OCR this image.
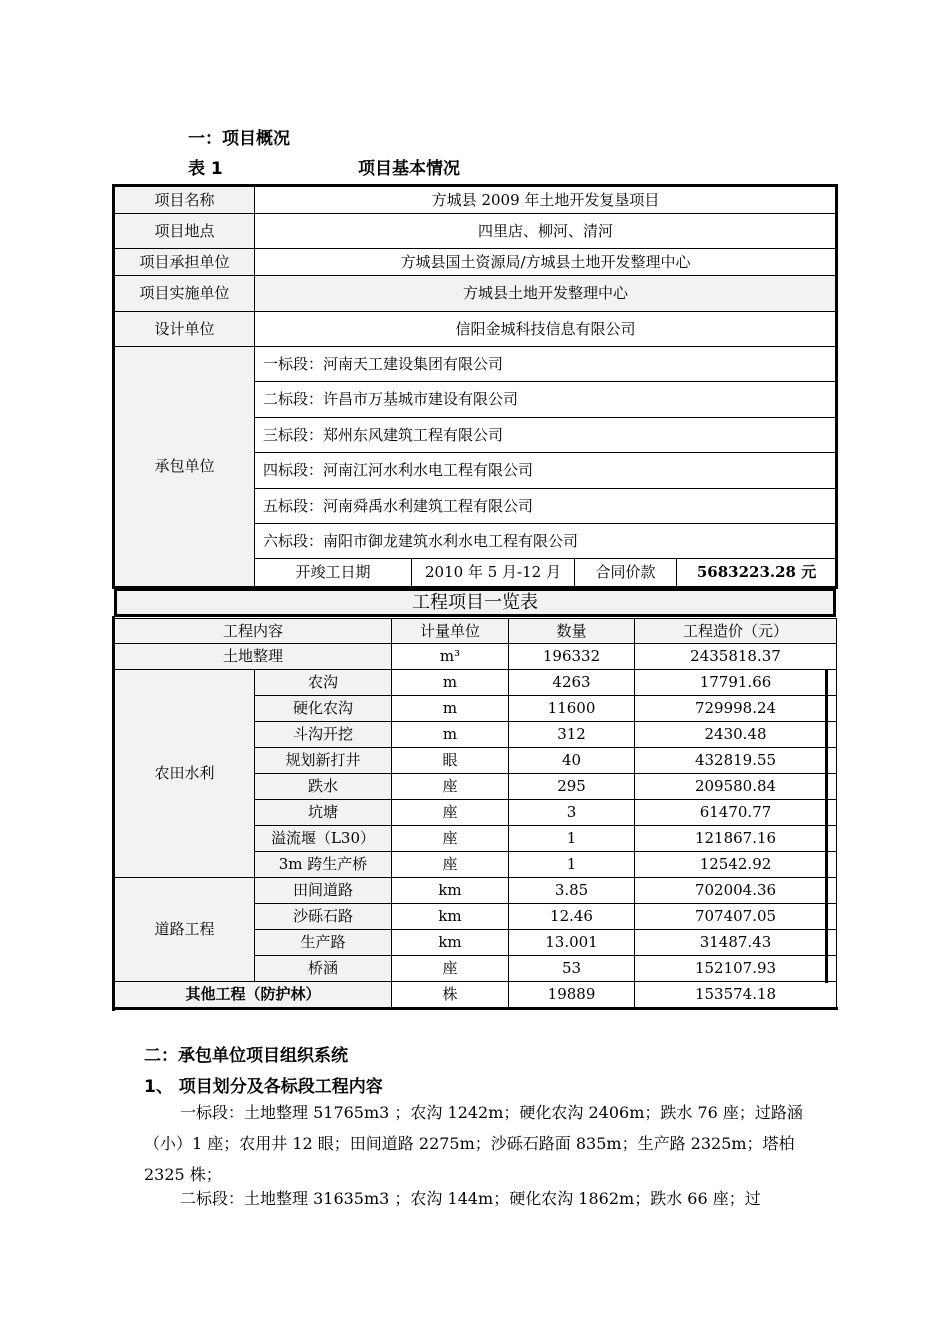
一：项目概况
表 1	项目基本情况
项目名称	方城县 2009 年土地开发复垦项目			
项目地点	四里店、柳河、清河			
项目承担单位	方城县国土资源局/方城县土地开发整理中心			
项目实施单位	方城县土地开发整理中心			
设计单位	信阳金城科技信息有限公司			
承包单位	一标段：河南天工建设集团有限公司			
	二标段：许昌市万基城市建设有限公司			
	三标段：郑州东风建筑工程有限公司			
	四标段：河南江河水利水电工程有限公司			
	五标段：河南舜禹水利建筑工程有限公司			
	六标段：南阳市御龙建筑水利水电工程有限公司			
	开竣工日期	2010 年 5 月-12 月	合同价款	5683223.28 元
工程项目一览表
工程内容		计量单位	数量	工程造价（元）
土地整理		m³	196332	2435818.37
农田水利	农沟	m	4263	17791.66
	硬化农沟	m	11600	729998.24
	斗沟开挖	m	312	2430.48
	规划新打井	眼	40	432819.55
	跌水	座	295	209580.84
	坑塘	座	3	61470.77
	溢流堰（L30）	座	1	121867.16
	3m 跨生产桥	座	1	12542.92
道路工程	田间道路	km	3.85	702004.36
	沙砾石路	km	12.46	707407.05
	生产路	km	13.001	31487.43
	桥涵	座	53	152107.93
其他工程（防护林）		株	19889	153574.18
二：承包单位项目组织系统
1、 项目划分及各标段工程内容
一标段：土地整理 51765m3 ；农沟 1242m；硬化农沟 2406m；跌水 76 座；过路涵（小）1 座；农用井 12 眼；田间道路 2275m；沙砾石路面 835m；生产路 2325m；塔柏 2325 株；
二标段：土地整理 31635m3 ；农沟 144m；硬化农沟 1862m；跌水 66 座；过
